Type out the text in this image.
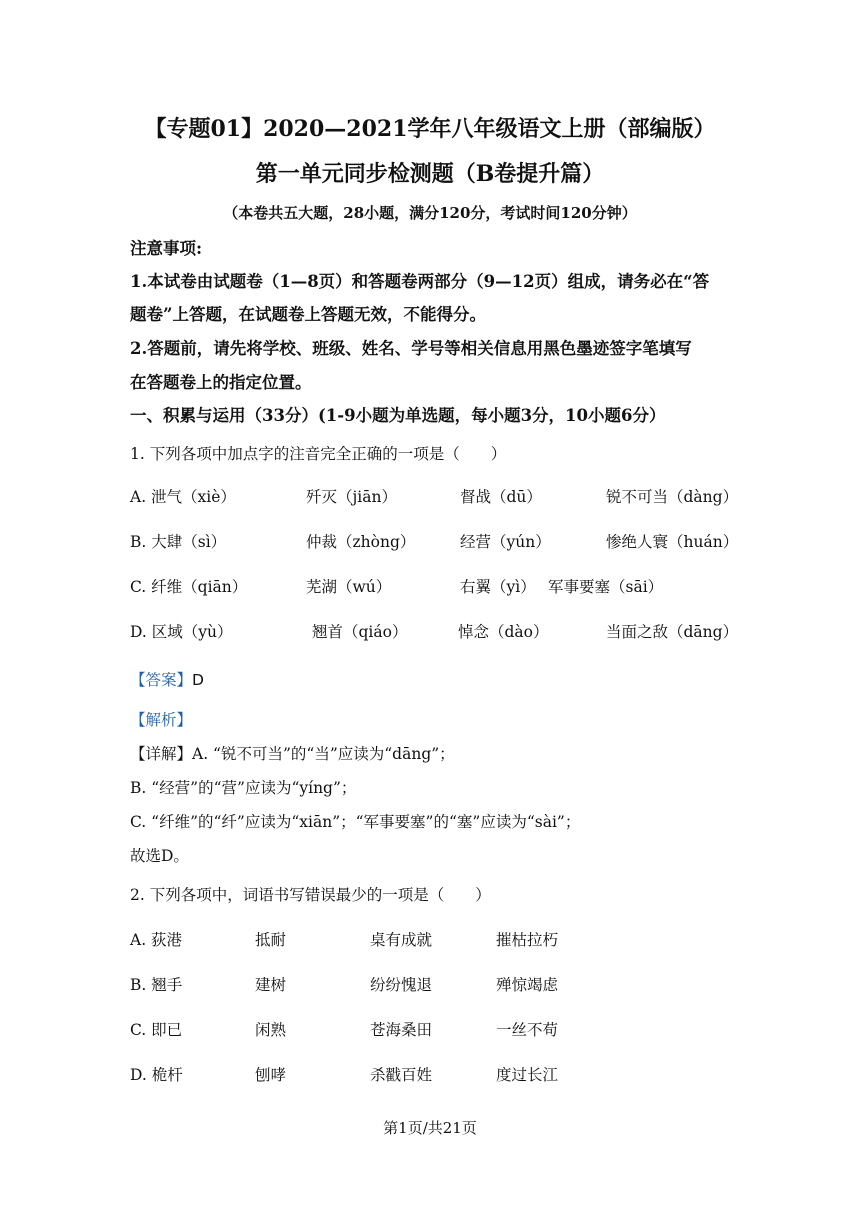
【专题01】2020—2021学年八年级语文上册（部编版）
第一单元同步检测题（B卷提升篇）
（本卷共五大题，28小题，满分120分，考试时间120分钟）
注意事项:
1.本试卷由试题卷（1—8页）和答题卷两部分（9—12页）组成，请务必在“答
题卷”上答题，在试题卷上答题无效，不能得分。
2.答题前，请先将学校、班级、姓名、学号等相关信息用黑色墨迹签字笔填写
在答题卷上的指定位置。
一、积累与运用（33分）(1-9小题为单选题，每小题3分，10小题6分）
1. 下列各项中加点字的注音完全正确的一项是（　　）
A. 泄气（xiè）	歼灭（jiān）	督战（dū）	锐不可当（dàng）
B. 大肆（sì）	仲裁（zhòng）	经营（yún）	惨绝人寰（huán）
C. 纤维（qiān）	芜湖（wú）	右翼（yì） 军事要塞（sāi）
D. 区域（yù）	翘首（qiáo）	悼念（dào）	当面之敌（dāng）
【答案】D
【解析】
【详解】A. “锐不可当”的“当”应读为“dāng”；
B. “经营”的“营”应读为“yíng”；
C. “纤维”的“纤”应读为“xiān”；“军事要塞”的“塞”应读为“sài”；
故选D。
2. 下列各项中，词语书写错误最少的一项是（　　）
A. 荻港	抵耐	桌有成就	摧枯拉朽
B. 翘手	建树	纷纷愧退	殚惊竭虑
C. 即已	闲熟	苍海桑田	一丝不苟
D. 桅杆	刨哮	杀戳百姓	度过长江
第1页/共21页
